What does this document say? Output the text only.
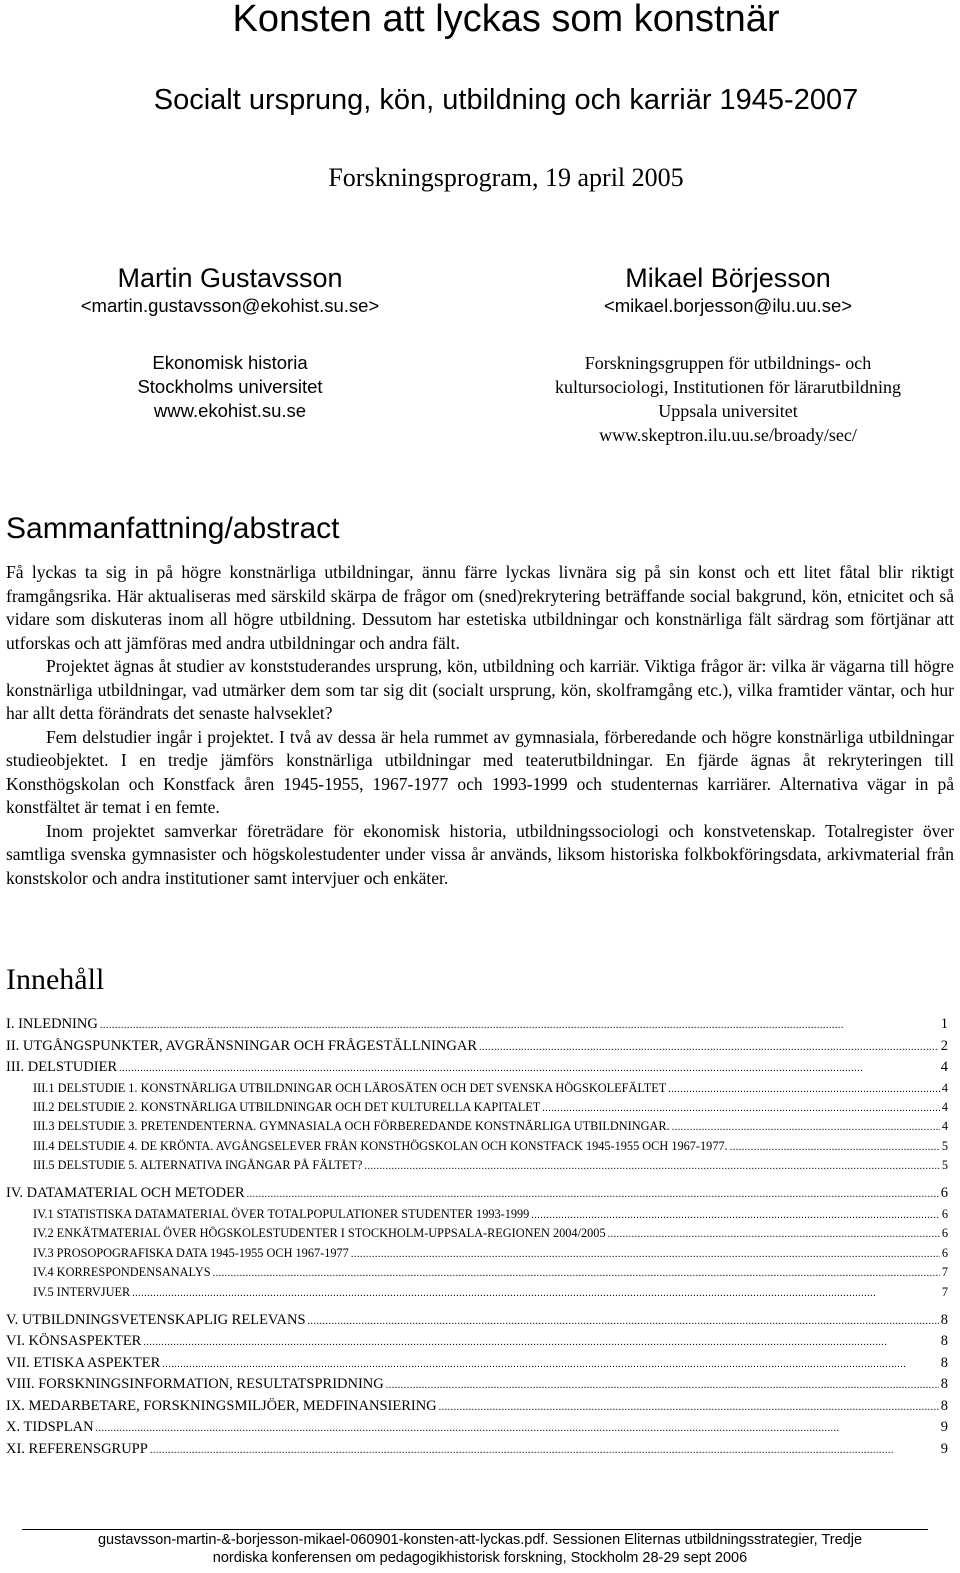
Konsten att lyckas som konstnär
Socialt ursprung, kön, utbildning och karriär 1945-2007
Forskningsprogram, 19 april 2005
Martin Gustavsson
<martin.gustavsson@ekohist.su.se>
Ekonomisk historia
Stockholms universitet
www.ekohist.su.se
Mikael Börjesson
<mikael.borjesson@ilu.uu.se>
Forskningsgruppen för utbildnings- och
kultursociologi, Institutionen för lärarutbildning
Uppsala universitet
www.skeptron.ilu.uu.se/broady/sec/
Sammanfattning/abstract

Få lyckas ta sig in på högre konstnärliga utbildningar, ännu färre lyckas livnära sig på sin konst och ett litet fåtal blir riktigt framgångsrika. Här aktualiseras med särskild skärpa de frågor om (sned)rekrytering beträffande social bakgrund, kön, etnicitet och så vidare som diskuteras inom all högre utbildning. Dessutom har estetiska utbildningar och konstnärliga fält särdrag som förtjänar att utforskas och att jämföras med andra utbildningar och andra fält.

Projektet ägnas åt studier av konststuderandes ursprung, kön, utbildning och karriär. Viktiga frågor är: vilka är vägarna till högre konstnärliga utbildningar, vad utmärker dem som tar sig dit (socialt ursprung, kön, skolframgång etc.), vilka framtider väntar, och hur har allt detta förändrats det senaste halvseklet?

Fem delstudier ingår i projektet. I två av dessa är hela rummet av gymnasiala, förberedande och högre konstnärliga utbildningar studieobjektet. I en tredje jämförs konstnärliga utbildningar med teaterutbildningar. En fjärde ägnas åt rekryteringen till Konsthögskolan och Konstfack åren 1945-1955, 1967-1977 och 1993-1999 och studenternas karriärer. Alternativa vägar in på konstfältet är temat i en femte.

Inom projektet samverkar företrädare för ekonomisk historia, utbildningssociologi och konstvetenskap. Totalregister över samtliga svenska gymnasister och högskolestudenter under vissa år används, liksom historiska folkbokföringsdata, arkivmaterial från konstskolor och andra institutioner samt intervjuer och enkäter.

Innehåll
I. INLEDNING .....	1
II. UTGÅNGSPUNKTER, AVGRÄNSNINGAR OCH FRÅGESTÄLLNINGAR .....	2
III. DELSTUDIER .....	4
III.1 DELSTUDIE 1. KONSTNÄRLIGA UTBILDNINGAR OCH LÄROSÄTEN OCH DET SVENSKA HÖGSKOLEFÄLTET .....	4
III.2 DELSTUDIE 2. KONSTNÄRLIGA UTBILDNINGAR OCH DET KULTURELLA KAPITALET .....	4
III.3 DELSTUDIE 3. PRETENDENTERNA. GYMNASIALA OCH FÖRBEREDANDE KONSTNÄRLIGA UTBILDNINGAR. .....	4
III.4 DELSTUDIE 4. DE KRÖNTA. AVGÅNGSELEVER FRÅN KONSTHÖGSKOLAN OCH KONSTFACK 1945-1955 OCH 1967-1977. .....	5
III.5 DELSTUDIE 5. ALTERNATIVA INGÅNGAR PÅ FÄLTET? .....	5
IV. DATAMATERIAL OCH METODER .....	6
IV.1 STATISTISKA DATAMATERIAL ÖVER TOTALPOPULATIONER STUDENTER 1993-1999 .....	6
IV.2 ENKÄTMATERIAL ÖVER HÖGSKOLESTUDENTER I STOCKHOLM-UPPSALA-REGIONEN 2004/2005 .....	6
IV.3 PROSOPOGRAFISKA DATA 1945-1955 OCH 1967-1977 .....	6
IV.4 KORRESPONDENSANALYS .....	7
IV.5 INTERVJUER .....	7
V. UTBILDNINGSVETENSKAPLIG RELEVANS .....	8
VI. KÖNSASPEKTER .....	8
VII. ETISKA ASPEKTER .....	8
VIII. FORSKNINGSINFORMATION, RESULTATSPRIDNING .....	8
IX. MEDARBETARE, FORSKNINGSMILJÖER, MEDFINANSIERING .....	8
X. TIDSPLAN .....	9
XI. REFERENSGRUPP .....	9
gustavsson-martin-&-borjesson-mikael-060901-konsten-att-lyckas.pdf. Sessionen Eliternas utbildningsstrategier, Tredje
nordiska konferensen om pedagogikhistorisk forskning, Stockholm 28-29 sept 2006
